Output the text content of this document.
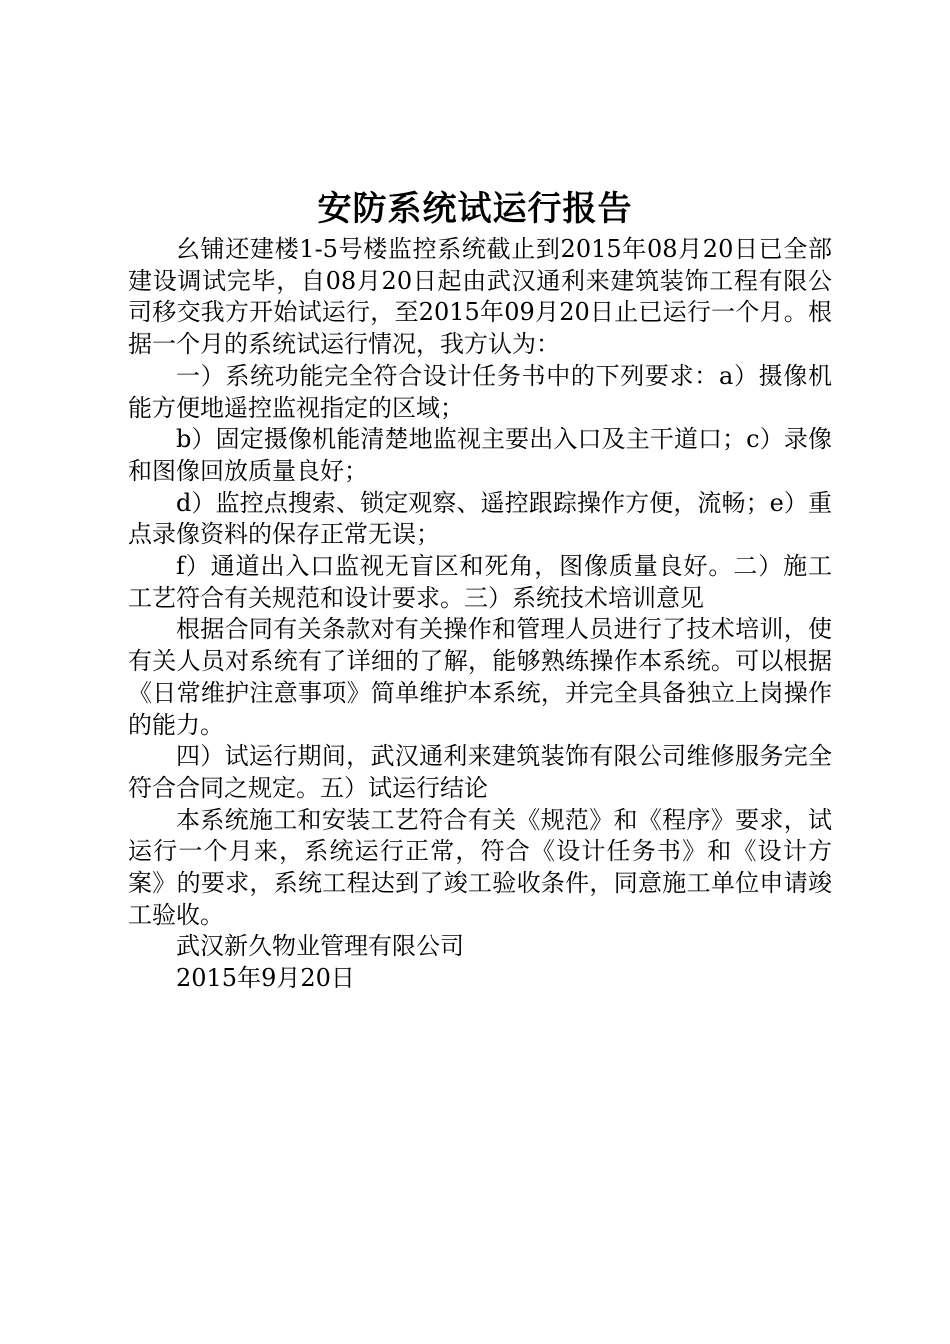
安防系统试运行报告

幺铺还建楼1-5号楼监控系统截止到2015年08月20日已全部建设调试完毕，自08月20日起由武汉通利来建筑装饰工程有限公司移交我方开始试运行，至2015年09月20日止已运行一个月。根据一个月的系统试运行情况，我方认为：

一）系统功能完全符合设计任务书中的下列要求：a）摄像机能方便地遥控监视指定的区域；

b）固定摄像机能清楚地监视主要出入口及主干道口；c）录像和图像回放质量良好；

d）监控点搜索、锁定观察、遥控跟踪操作方便，流畅；e）重点录像资料的保存正常无误；

f）通道出入口监视无盲区和死角，图像质量良好。二）施工工艺符合有关规范和设计要求。三）系统技术培训意见

根据合同有关条款对有关操作和管理人员进行了技术培训，使有关人员对系统有了详细的了解，能够熟练操作本系统。可以根据《日常维护注意事项》简单维护本系统，并完全具备独立上岗操作的能力。

四）试运行期间，武汉通利来建筑装饰有限公司维修服务完全符合合同之规定。五）试运行结论

本系统施工和安装工艺符合有关《规范》和《程序》要求，试运行一个月来，系统运行正常，符合《设计任务书》和《设计方案》的要求，系统工程达到了竣工验收条件，同意施工单位申请竣工验收。

武汉新久物业管理有限公司
2015年9月20日
